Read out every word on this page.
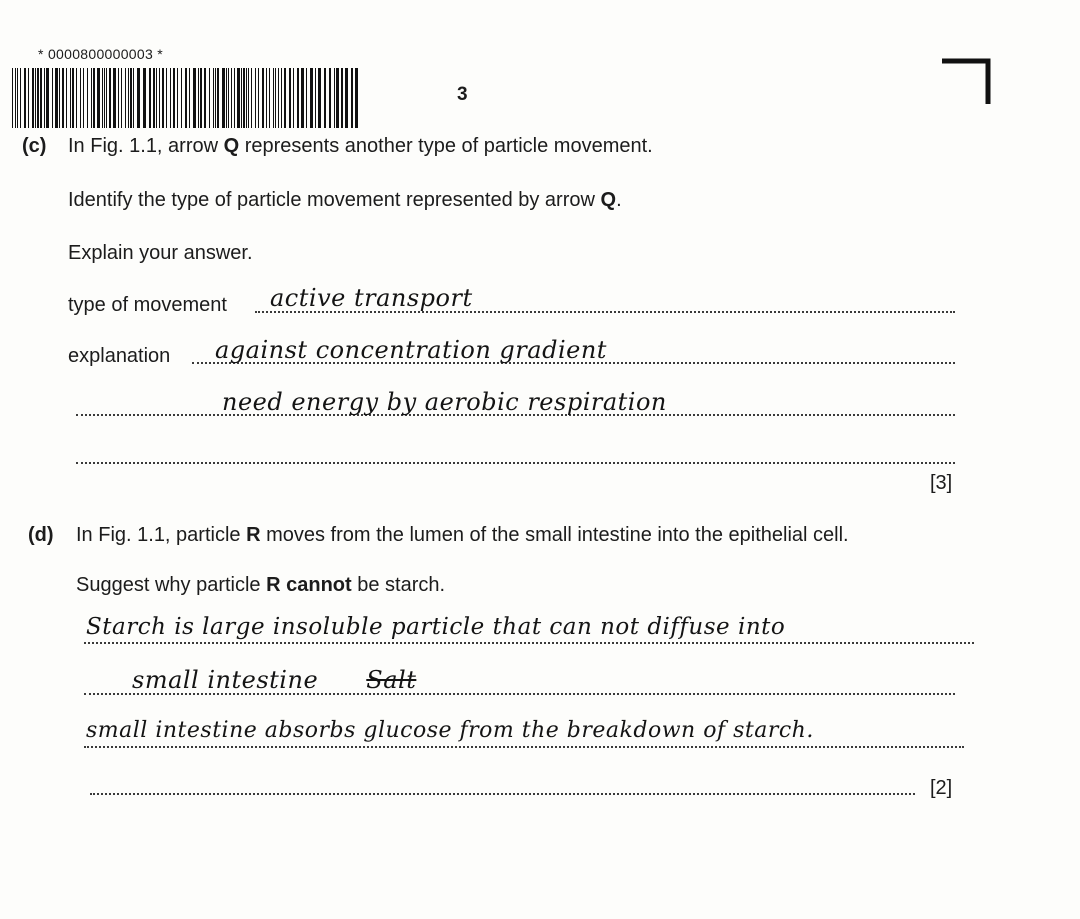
* 0000800000003 *
3
(c) In Fig. 1.1, arrow Q represents another type of particle movement.
Identify the type of particle movement represented by arrow Q.
Explain your answer.
type of movement active transport
explanation against concentration gradient
need energy by aerobic respiration
[3]
(d) In Fig. 1.1, particle R moves from the lumen of the small intestine into the epithelial cell.
Suggest why particle R cannot be starch.
Starch is large insoluble particle that can not diffuse into
small intestine Salt
small intestine absorbs glucose from the breakdown of starch.
[2]
